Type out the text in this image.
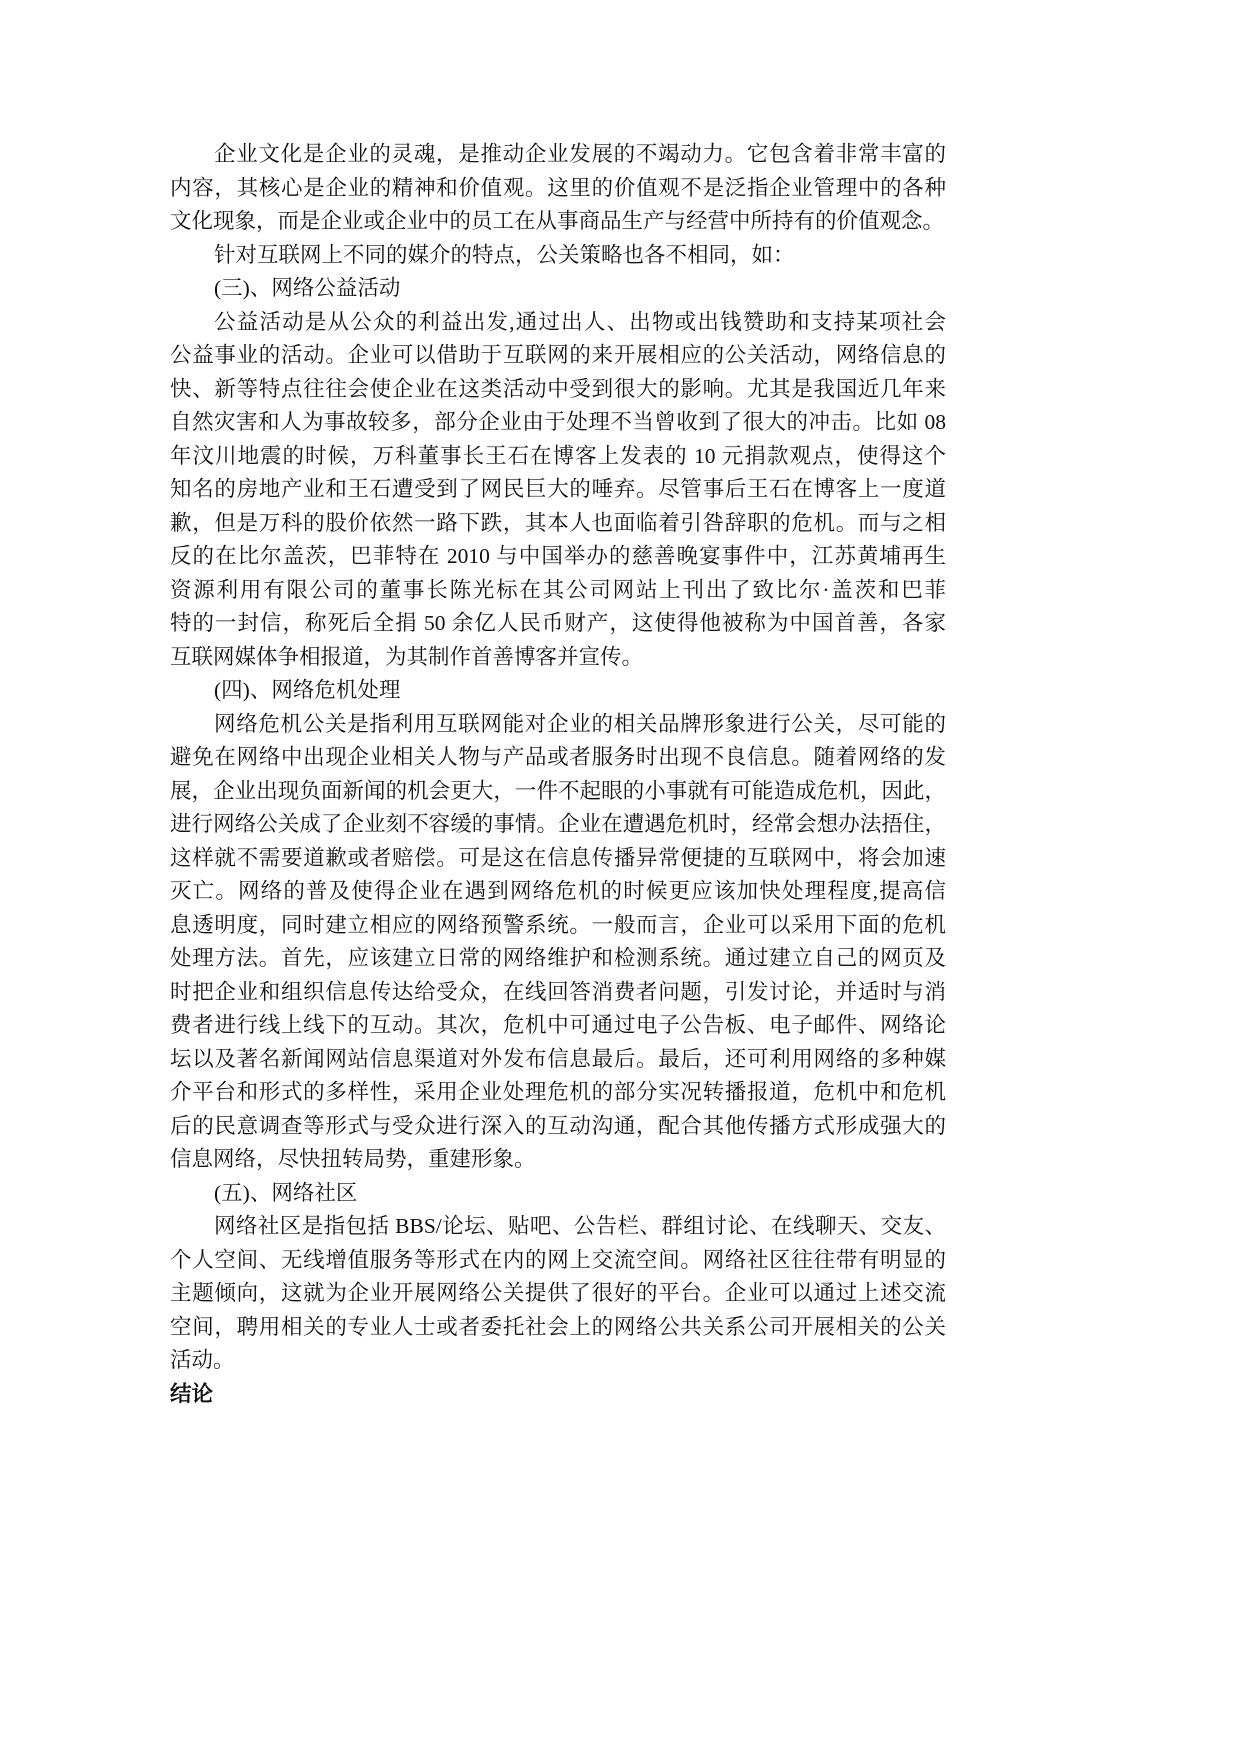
企业文化是企业的灵魂，是推动企业发展的不竭动力。它包含着非常丰富的
内容，其核心是企业的精神和价值观。这里的价值观不是泛指企业管理中的各种
文化现象，而是企业或企业中的员工在从事商品生产与经营中所持有的价值观念。
针对互联网上不同的媒介的特点，公关策略也各不相同，如：
(三)、网络公益活动
公益活动是从公众的利益出发,通过出人、出物或出钱赞助和支持某项社会
公益事业的活动。企业可以借助于互联网的来开展相应的公关活动，网络信息的
快、新等特点往往会使企业在这类活动中受到很大的影响。尤其是我国近几年来
自然灾害和人为事故较多，部分企业由于处理不当曾收到了很大的冲击。比如 08
年汶川地震的时候，万科董事长王石在博客上发表的 10 元捐款观点，使得这个
知名的房地产业和王石遭受到了网民巨大的唾弃。尽管事后王石在博客上一度道
歉，但是万科的股价依然一路下跌，其本人也面临着引咎辞职的危机。而与之相
反的在比尔盖茨，巴菲特在 2010 与中国举办的慈善晚宴事件中，江苏黄埔再生
资源利用有限公司的董事长陈光标在其公司网站上刊出了致比尔·盖茨和巴菲
特的一封信，称死后全捐 50 余亿人民币财产，这使得他被称为中国首善，各家
互联网媒体争相报道，为其制作首善博客并宣传。
(四)、网络危机处理
网络危机公关是指利用互联网能对企业的相关品牌形象进行公关，尽可能的
避免在网络中出现企业相关人物与产品或者服务时出现不良信息。随着网络的发
展，企业出现负面新闻的机会更大，一件不起眼的小事就有可能造成危机，因此，
进行网络公关成了企业刻不容缓的事情。企业在遭遇危机时，经常会想办法捂住，
这样就不需要道歉或者赔偿。可是这在信息传播异常便捷的互联网中，将会加速
灭亡。网络的普及使得企业在遇到网络危机的时候更应该加快处理程度,提高信
息透明度，同时建立相应的网络预警系统。一般而言，企业可以采用下面的危机
处理方法。首先，应该建立日常的网络维护和检测系统。通过建立自己的网页及
时把企业和组织信息传达给受众，在线回答消费者问题，引发讨论，并适时与消
费者进行线上线下的互动。其次，危机中可通过电子公告板、电子邮件、网络论
坛以及著名新闻网站信息渠道对外发布信息最后。最后，还可利用网络的多种媒
介平台和形式的多样性，采用企业处理危机的部分实况转播报道，危机中和危机
后的民意调查等形式与受众进行深入的互动沟通，配合其他传播方式形成强大的
信息网络，尽快扭转局势，重建形象。
(五)、网络社区
网络社区是指包括 BBS/论坛、贴吧、公告栏、群组讨论、在线聊天、交友、
个人空间、无线增值服务等形式在内的网上交流空间。网络社区往往带有明显的
主题倾向，这就为企业开展网络公关提供了很好的平台。企业可以通过上述交流
空间，聘用相关的专业人士或者委托社会上的网络公共关系公司开展相关的公关
活动。
结论
